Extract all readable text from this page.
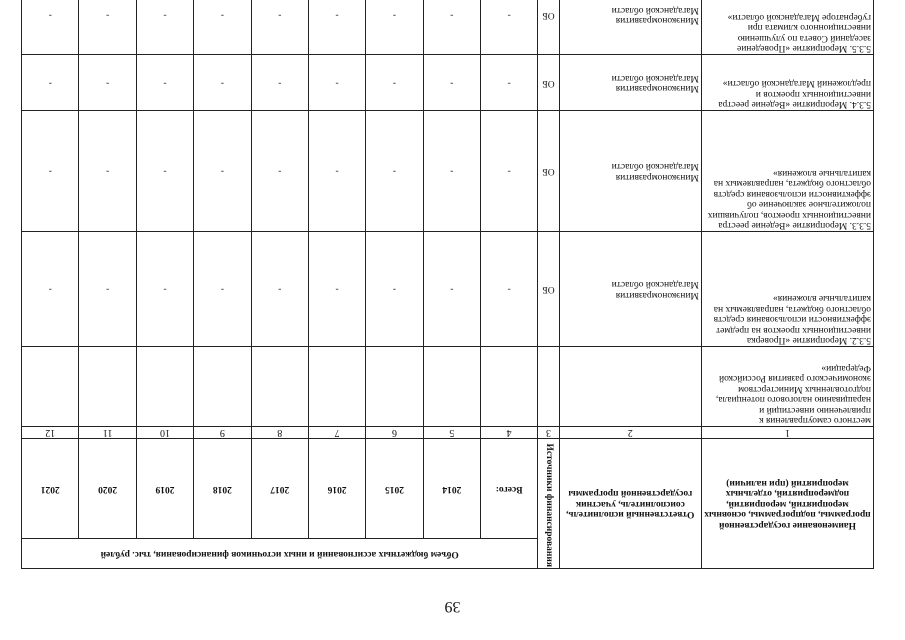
39
Наименование государственной программы, подпрограммы, основных мероприятий, мероприятий, подмероприятий, отдельных мероприятий (при наличии)	Ответственный исполнитель, соисполнитель, участник государственной программы	Источники финансирования	Объем бюджетных ассигнований и иных источников финансирования, тыс. рублей								
			Всего:	2014	2015	2016	2017	2018	2019	2020	2021
1	2	3	4	5	6	7	8	9	10	11	12
местного самоуправления к привлечению инвестиций и наращиванию налогового потенциала, подготовленных Министерством экономического развития Российской Федерации»											
5.3.2. Мероприятие «Проверка инвестиционных проектов на предмет эффективности использования средств областного бюджета, направляемых на капитальные вложения»	Минэкономразвития Магаданской области	ОБ	-	-	-	-	-	-	-	-	-
5.3.3. Мероприятие «Ведение реестра инвестиционных проектов, получивших положительное заключение об эффективности использования средств областного бюджета, направляемых на капитальные вложения»	Минэкономразвития Магаданской области	ОБ	-	-	-	-	-	-	-	-	-
5.3.4. Мероприятие «Ведение реестра инвестиционных проектов и предложений Магаданской области»	Минэкономразвития Магаданской области	ОБ	-	-	-	-	-	-	-	-	-
5.3.5. Мероприятие «Проведение заседаний Совета по улучшению инвестиционного климата при губернаторе Магаданской области»	Минэкономразвития Магаданской области	ОБ	-	-	-	-	-	-	-	-	-
